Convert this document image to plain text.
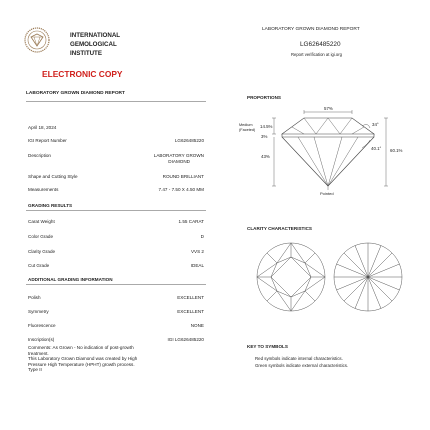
INTERNATIONAL
GEMOLOGICAL
INSTITUTE
ELECTRONIC COPY
LABORATORY GROWN DIAMOND REPORT
April 18, 2024
IGI Report Number	LG626485220
Description	LABORATORY GROWN
DIAMOND
Shape and Cutting Style	ROUND BRILLIANT
Measurements	7.47 - 7.50 X 4.50 MM
GRADING RESULTS
Carat Weight	1.55 CARAT
Color Grade	D
Clarity Grade	VVS 2
Cut Grade	IDEAL
ADDITIONAL GRADING INFORMATION
Polish	EXCELLENT
Symmetry	EXCELLENT
Fluorescence	NONE
Inscription(s)	IGI LG626485220
Comments: As Grown - No indication of post-growth
treatment.
This Laboratory Grown Diamond was created by High
Pressure High Temperature (HPHT) growth process.
Type II
LABORATORY GROWN DIAMOND REPORT
LG626485220
Report verification at igi.org
PROPORTIONS
57%
34°
14.5%
Medium
(Faceted)
3%
43%
40.1° 60.1%
Pointed
CLARITY CHARACTERISTICS
KEY TO SYMBOLS
Red symbols indicate internal characteristics.
Green symbols indicate external characteristics.
